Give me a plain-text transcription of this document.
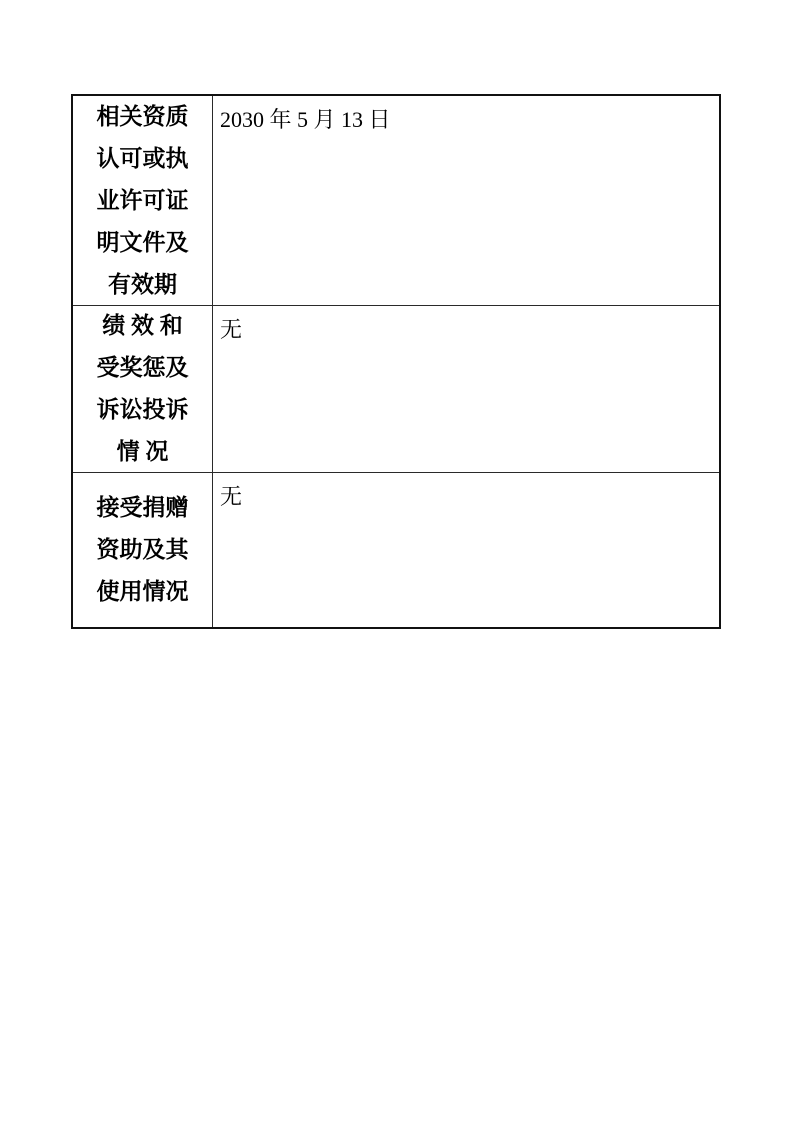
相关资质
认可或执
业许可证
明文件及
有效期
2030 年 5 月 13 日
绩 效 和
受奖惩及
诉讼投诉
情 况
无
接受捐赠
资助及其
使用情况
无
